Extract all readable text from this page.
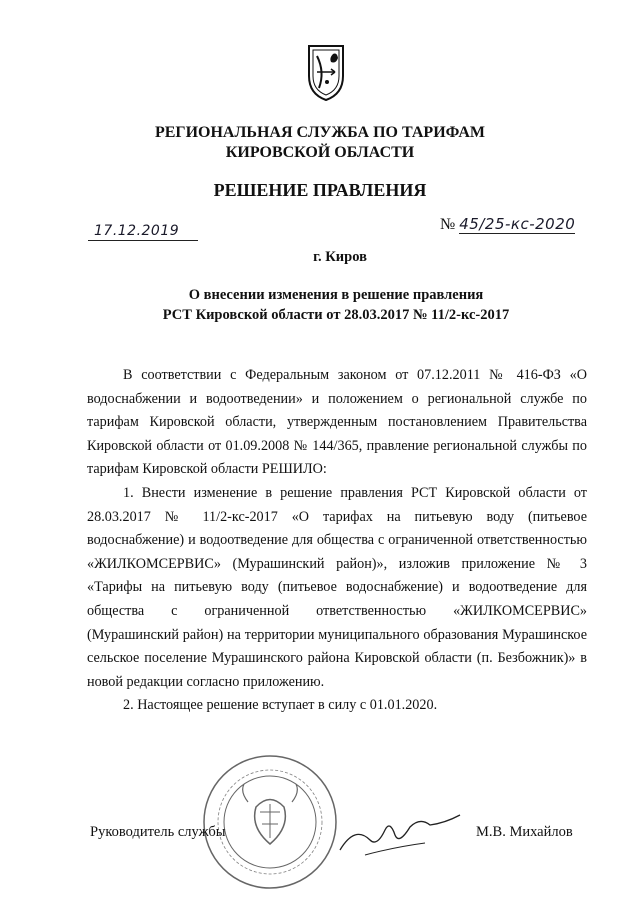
РЕГИОНАЛЬНАЯ СЛУЖБА ПО ТАРИФАМ
КИРОВСКОЙ ОБЛАСТИ
РЕШЕНИЕ ПРАВЛЕНИЯ
17.12.2019	№ 45/25-кс-2020
г. Киров
О внесении изменения в решение правления
РСТ Кировской области от 28.03.2017 № 11/2-кс-2017

В соответствии с Федеральным законом от 07.12.2011 № 416-ФЗ «О водоснабжении и водоотведении» и положением о региональной службе по тарифам Кировской области, утвержденным постановлением Правительства Кировской области от 01.09.2008 № 144/365, правление региональной службы по тарифам Кировской области РЕШИЛО:

1. Внести изменение в решение правления РСТ Кировской области от 28.03.2017 № 11/2-кс-2017 «О тарифах на питьевую воду (питьевое водоснабжение) и водоотведение для общества с ограниченной ответственностью «ЖИЛКОМСЕРВИС» (Мурашинский район)», изложив приложение № 3 «Тарифы на питьевую воду (питьевое водоснабжение) и водоотведение для общества с ограниченной ответственностью «ЖИЛКОМСЕРВИС» (Мурашинский район) на территории муниципального образования Мурашинское сельское поселение Мурашинского района Кировской области (п. Безбожник)» в новой редакции согласно приложению.

2. Настоящее решение вступает в силу с 01.01.2020.

Руководитель службы	М.В. Михайлов
